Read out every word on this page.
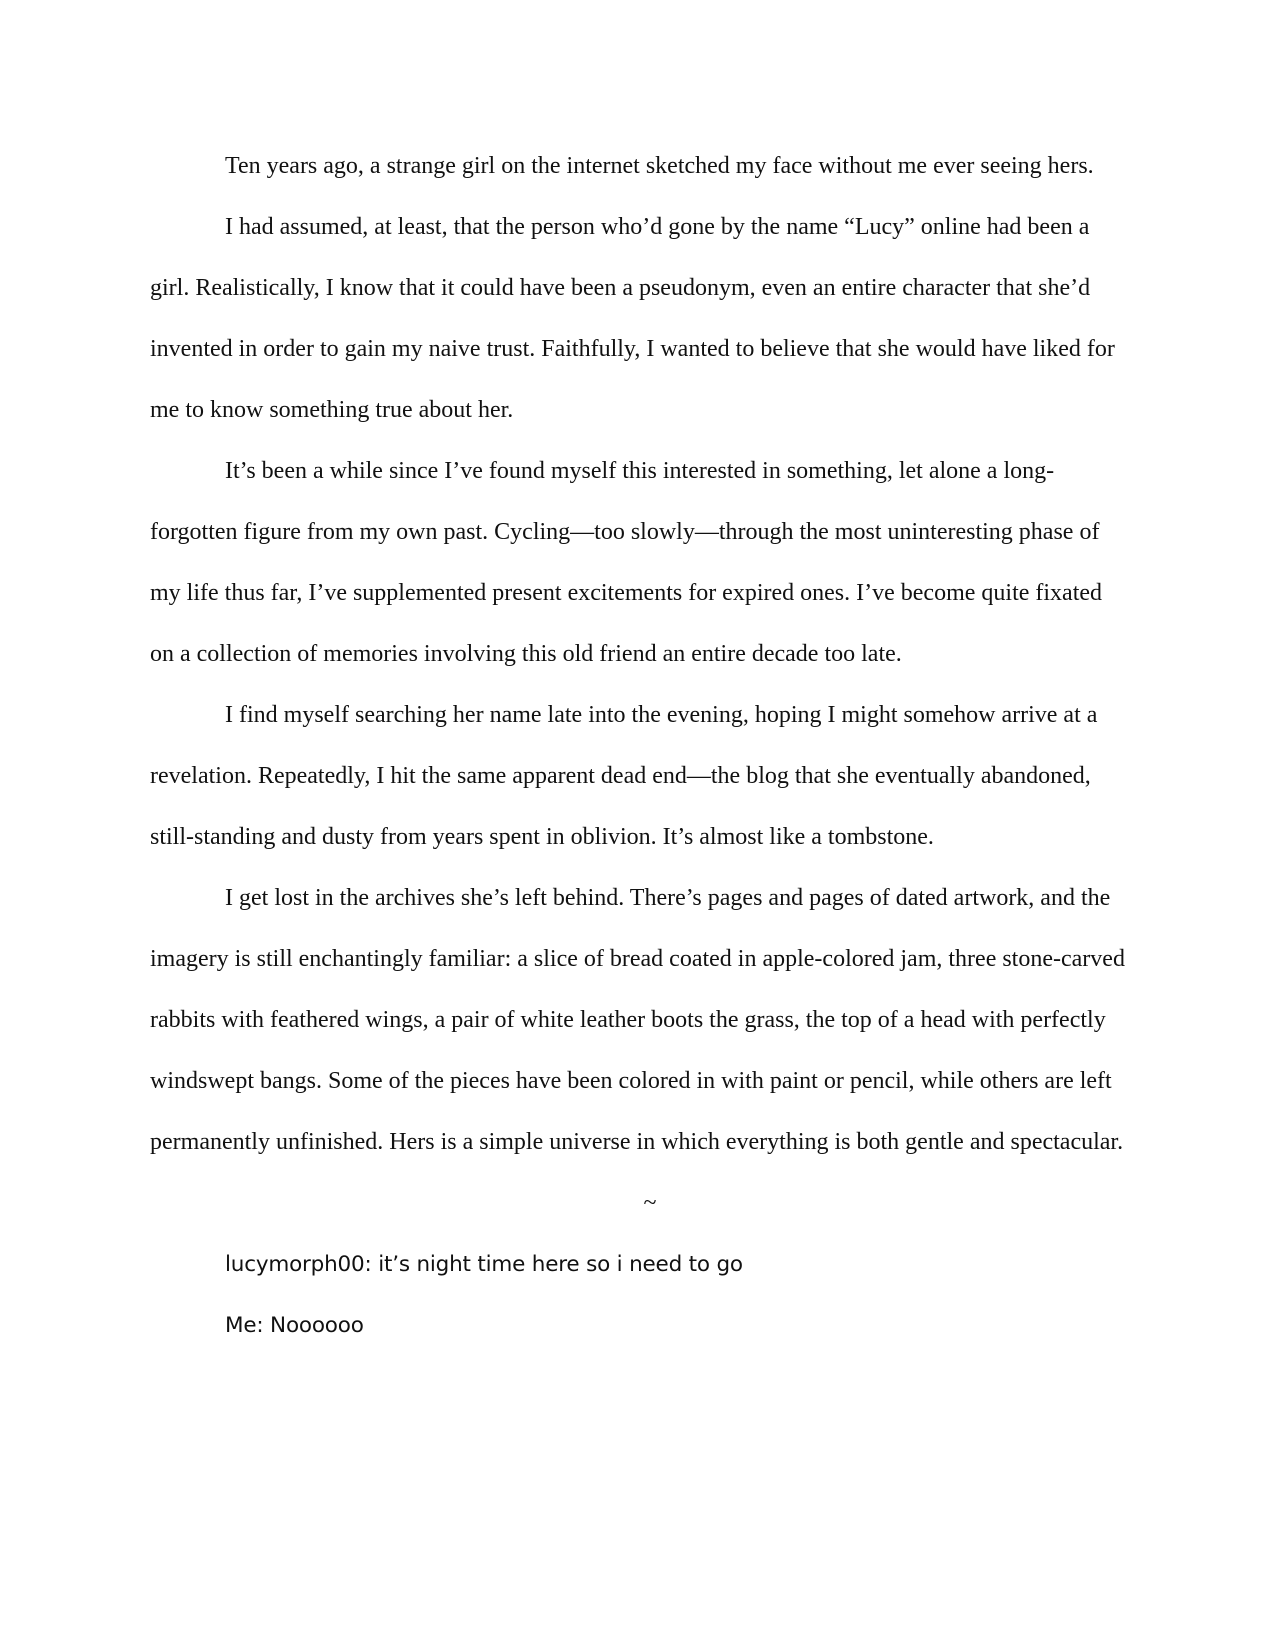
Ten years ago, a strange girl on the internet sketched my face without me ever seeing hers.

I had assumed, at least, that the person who’d gone by the name “Lucy” online had been a girl. Realistically, I know that it could have been a pseudonym, even an entire character that she’d invented in order to gain my naive trust. Faithfully, I wanted to believe that she would have liked for me to know something true about her.

It’s been a while since I’ve found myself this interested in something, let alone a long-forgotten figure from my own past. Cycling—too slowly—through the most uninteresting phase of my life thus far, I’ve supplemented present excitements for expired ones. I’ve become quite fixated on a collection of memories involving this old friend an entire decade too late.

I find myself searching her name late into the evening, hoping I might somehow arrive at a revelation. Repeatedly, I hit the same apparent dead end—the blog that she eventually abandoned, still-standing and dusty from years spent in oblivion. It’s almost like a tombstone.

I get lost in the archives she’s left behind. There’s pages and pages of dated artwork, and the imagery is still enchantingly familiar: a slice of bread coated in apple-colored jam, three stone-carved rabbits with feathered wings, a pair of white leather boots the grass, the top of a head with perfectly windswept bangs. Some of the pieces have been colored in with paint or pencil, while others are left permanently unfinished. Hers is a simple universe in which everything is both gentle and spectacular.

~

lucymorph00: it’s night time here so i need to go

Me: Noooooo
